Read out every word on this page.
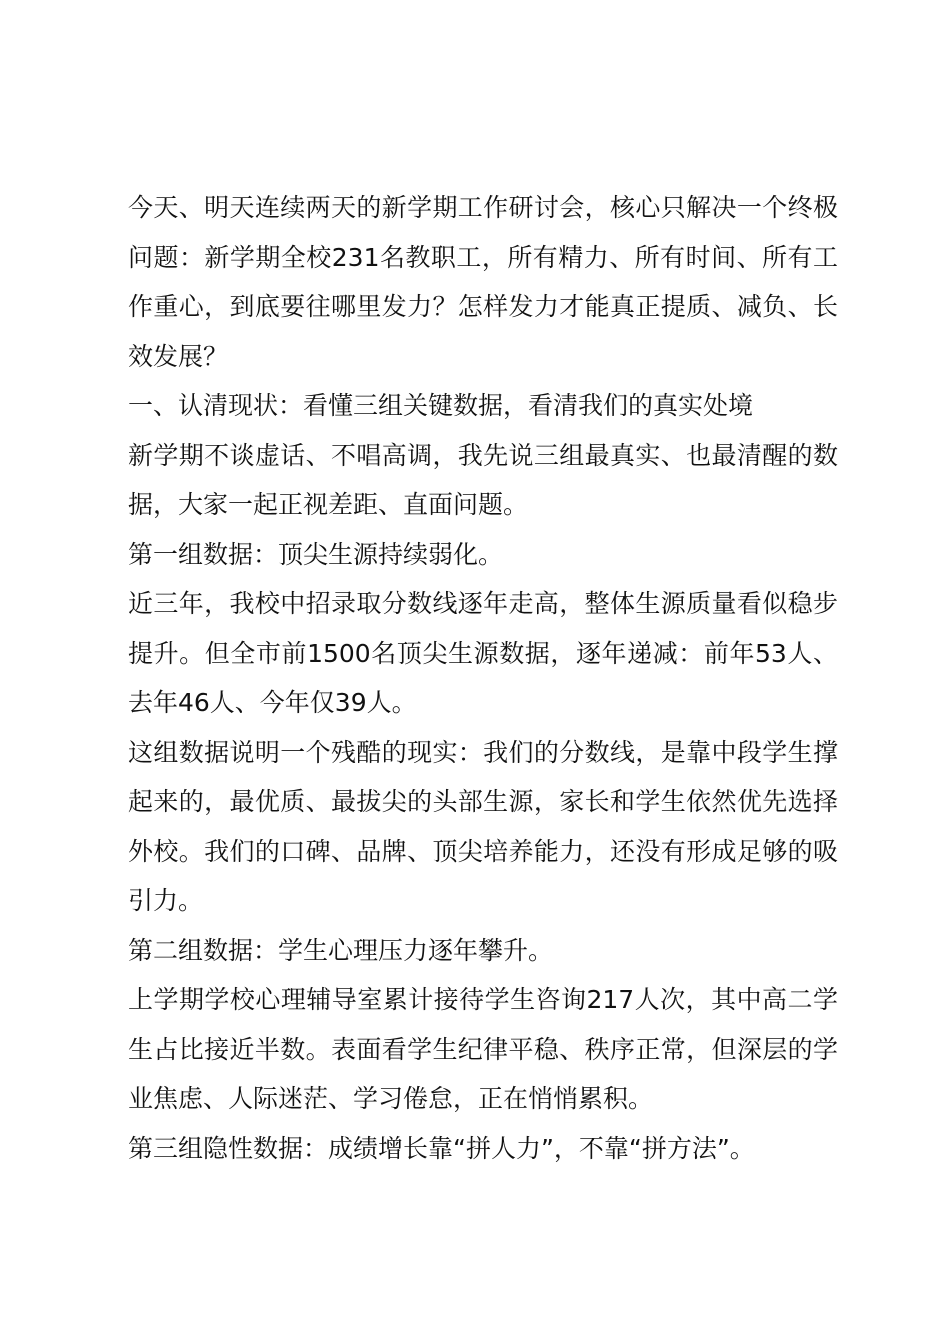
今天、明天连续两天的新学期工作研讨会，核心只解决一个终极问题：新学期全校231名教职工，所有精力、所有时间、所有工作重心，到底要往哪里发力？怎样发力才能真正提质、减负、长效发展？

一、认清现状：看懂三组关键数据，看清我们的真实处境

新学期不谈虚话、不唱高调，我先说三组最真实、也最清醒的数据，大家一起正视差距、直面问题。

第一组数据：顶尖生源持续弱化。

近三年，我校中招录取分数线逐年走高，整体生源质量看似稳步提升。但全市前1500名顶尖生源数据，逐年递减：前年53人、去年46人、今年仅39人。

这组数据说明一个残酷的现实：我们的分数线，是靠中段学生撑起来的，最优质、最拔尖的头部生源，家长和学生依然优先选择外校。我们的口碑、品牌、顶尖培养能力，还没有形成足够的吸引力。

第二组数据：学生心理压力逐年攀升。

上学期学校心理辅导室累计接待学生咨询217人次，其中高二学生占比接近半数。表面看学生纪律平稳、秩序正常，但深层的学业焦虑、人际迷茫、学习倦怠，正在悄悄累积。

第三组隐性数据：成绩增长靠“拼人力”，不靠“拼方法”。
